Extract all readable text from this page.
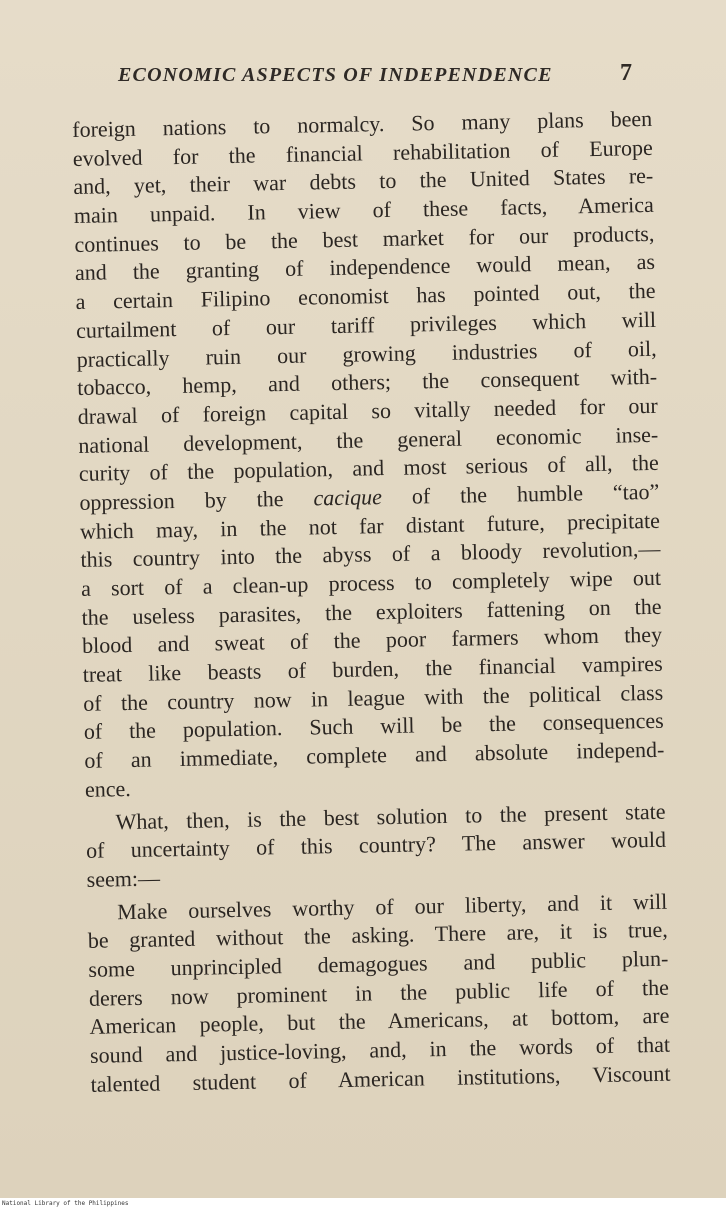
ECONOMIC ASPECTS OF INDEPENDENCE	7
foreign nations to normalcy. So many plans been
evolved for the financial rehabilitation of Europe
and, yet, their war debts to the United States re-
main unpaid. In view of these facts, America
continues to be the best market for our products,
and the granting of independence would mean, as
a certain Filipino economist has pointed out, the
curtailment of our tariff privileges which will
practically ruin our growing industries of oil,
tobacco, hemp, and others; the consequent with-
drawal of foreign capital so vitally needed for our
national development, the general economic inse-
curity of the population, and most serious of all, the
oppression by the cacique of the humble “tao”
which may, in the not far distant future, precipitate
this country into the abyss of a bloody revolution,—
a sort of a clean-up process to completely wipe out
the useless parasites, the exploiters fattening on the
blood and sweat of the poor farmers whom they
treat like beasts of burden, the financial vampires
of the country now in league with the political class
of the population. Such will be the consequences
of an immediate, complete and absolute independ-
ence.
What, then, is the best solution to the present state
of uncertainty of this country? The answer would
seem:—
Make ourselves worthy of our liberty, and it will
be granted without the asking. There are, it is true,
some unprincipled demagogues and public plun-
derers now prominent in the public life of the
American people, but the Americans, at bottom, are
sound and justice-loving, and, in the words of that
talented student of American institutions, Viscount
National Library of the Philippines
